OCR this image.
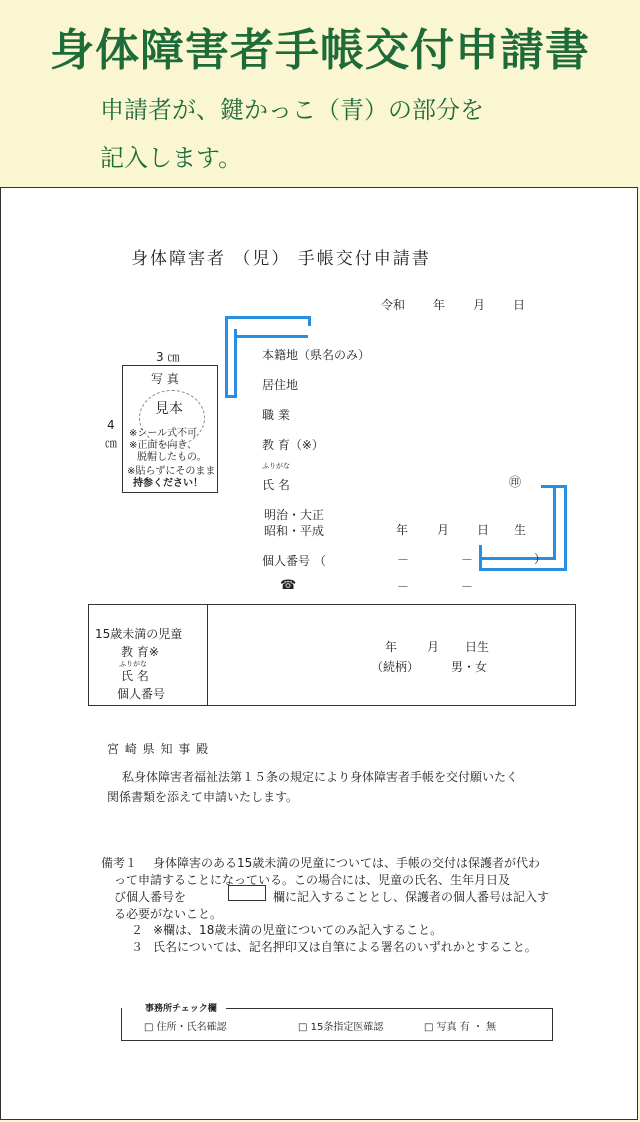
身体障害者手帳交付申請書
申請者が、鍵かっこ（青）の部分を
記入します。
身体障害者 （児） 手帳交付申請書
令和 年 月 日
3 ㎝
4
㎝
写 真
見本
※シール式不可
※正面を向き、
脱帽したもの。
※貼らずにそのまま
持参ください！
本籍地（県名のみ）
居住地
職 業
教 育（※）
ふりがな
氏 名	㊞
明治・大正
昭和・平成	年 月 日 生
個人番号 （	－	－	）
☎	－	－
15歳未満の児童
教 育※
ふりがな
氏 名
個人番号
年 月 日生
（続柄）	男・女
宮 崎 県 知 事 殿
私身体障害者福祉法第１５条の規定により身体障害者手帳を交付願いたく
関係書類を添えて申請いたします。
備考１ 身体障害のある15歳未満の児童については、手帳の交付は保護者が代わ
って申請することになっている。この場合には、児童の氏名、生年月日及
び個人番号を	欄に記入することとし、保護者の個人番号は記入す
る必要がないこと。
２ ※欄は、18歳未満の児童についてのみ記入すること。
３ 氏名については、記名押印又は自筆による署名のいずれかとすること。
□ 住所・氏名確認	□ 15条指定医確認	□ 写真 有 ・ 無
事務所チェック欄
